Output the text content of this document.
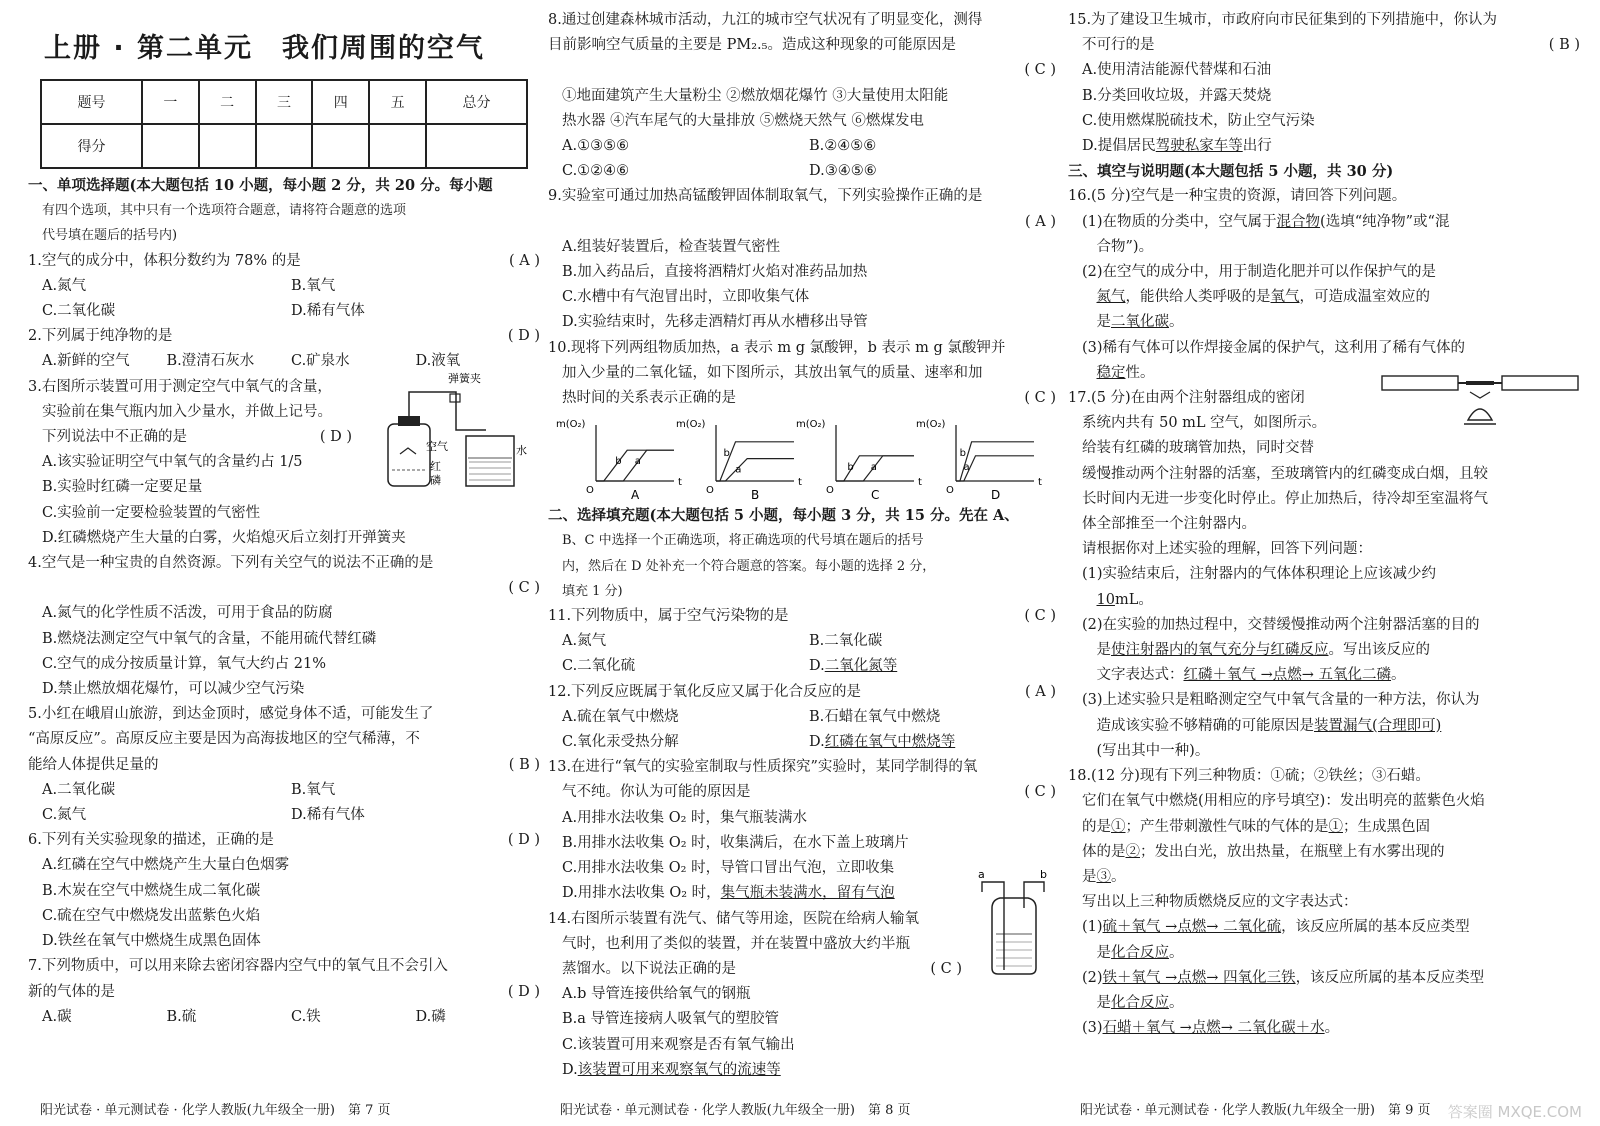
上册 · 第二单元　我们周围的空气
题号	一	二	三	四	五	总分
得分						
一、单项选择题(本大题包括 10 小题，每小题 2 分，共 20 分。每小题
有四个选项，其中只有一个选项符合题意，请将符合题意的选项
代号填在题后的括号内)
( A )
1.空气的成分中，体积分数约为 78% 的是
A.氮气	B.氧气
C.二氧化碳	D.稀有气体
( D )
2.下列属于纯净物的是
A.新鲜的空气	B.澄清石灰水	C.矿泉水	D.液氧
3.右图所示装置可用于测定空气中氧气的含量，
实验前在集气瓶内加入少量水，并做上记号。
( D )
下列说法中不正确的是
A.该实验证明空气中氧气的含量约占 1/5
B.实验时红磷一定要足量
C.实验前一定要检验装置的气密性
D.红磷燃烧产生大量的白雾，火焰熄灭后立刻打开弹簧夹
4.空气是一种宝贵的自然资源。下列有关空气的说法不正确的是
( C )

A.氮气的化学性质不活泼，可用于食品的防腐
B.燃烧法测定空气中氧气的含量，不能用硫代替红磷
C.空气的成分按质量计算，氧气大约占 21%
D.禁止燃放烟花爆竹，可以减少空气污染
5.小红在峨眉山旅游，到达金顶时，感觉身体不适，可能发生了
“高原反应”。高原反应主要是因为高海拔地区的空气稀薄，不
( B )
能给人体提供足量的
A.二氧化碳	B.氧气
C.氮气	D.稀有气体
( D )
6.下列有关实验现象的描述，正确的是
A.红磷在空气中燃烧产生大量白色烟雾
B.木炭在空气中燃烧生成二氧化碳
C.硫在空气中燃烧发出蓝紫色火焰
D.铁丝在氧气中燃烧生成黑色固体
7.下列物质中，可以用来除去密闭容器内空气中的氧气且不会引入
( D )
新的气体的是
A.碳	B.硫	C.铁	D.磷
弹簧夹
空气
红
磷
水
8.通过创建森林城市活动，九江的城市空气状况有了明显变化，测得
目前影响空气质量的主要是 PM₂.₅。造成这种现象的可能原因是
( C )

①地面建筑产生大量粉尘 ②燃放烟花爆竹 ③大量使用太阳能
热水器 ④汽车尾气的大量排放 ⑤燃烧天然气 ⑥燃煤发电
A.①③⑤⑥	B.②④⑤⑥
C.①②④⑥	D.③④⑤⑥
9.实验室可通过加热高锰酸钾固体制取氧气，下列实验操作正确的是
( A )

A.组装好装置后，检查装置气密性
B.加入药品后，直接将酒精灯火焰对准药品加热
C.水槽中有气泡冒出时，立即收集气体
D.实验结束时，先移走酒精灯再从水槽移出导管
10.现将下列两组物质加热，a 表示 m g 氯酸钾，b 表示 m g 氯酸钾并
加入少量的二氧化锰，如下图所示，其放出氧气的质量、速率和加
( C )
热时间的关系表示正确的是
a
b
m(O₂)
O
t
A
a
b
m(O₂)
O
t
B
a
b
m(O₂)
O
t
C
a
b
m(O₂)
O
t
D
二、选择填充题(本大题包括 5 小题，每小题 3 分，共 15 分。先在 A、
B、C 中选择一个正确选项，将正确选项的代号填在题后的括号
内，然后在 D 处补充一个符合题意的答案。每小题的选择 2 分，
填充 1 分)
( C )
11.下列物质中，属于空气污染物的是
A.氮气	B.二氧化碳
C.二氧化硫	D.二氧化氮等
( A )
12.下列反应既属于氧化反应又属于化合反应的是
A.硫在氧气中燃烧	B.石蜡在氧气中燃烧
C.氧化汞受热分解	D.红磷在氧气中燃烧等
13.在进行“氧气的实验室制取与性质探究”实验时，某同学制得的氧
( C )
气不纯。你认为可能的原因是
A.用排水法收集 O₂ 时，集气瓶装满水
B.用排水法收集 O₂ 时，收集满后，在水下盖上玻璃片
C.用排水法收集 O₂ 时，导管口冒出气泡，立即收集
D.用排水法收集 O₂ 时，集气瓶未装满水，留有气泡
14.右图所示装置有洗气、储气等用途，医院在给病人输氧
气时，也利用了类似的装置，并在装置中盛放大约半瓶
( C )
蒸馏水。以下说法正确的是
A.b 导管连接供给氧气的钢瓶
B.a 导管连接病人吸氧气的塑胶管
C.该装置可用来观察是否有氧气输出
D.该装置可用来观察氧气的流速等
a	b
15.为了建设卫生城市，市政府向市民征集到的下列措施中，你认为
( B )
不可行的是
A.使用清洁能源代替煤和石油
B.分类回收垃圾，并露天焚烧
C.使用燃煤脱硫技术，防止空气污染
D.提倡居民驾驶私家车等出行
三、填空与说明题(本大题包括 5 小题，共 30 分)
16.(5 分)空气是一种宝贵的资源，请回答下列问题。
(1)在物质的分类中，空气属于混合物(选填“纯净物”或“混
　合物”)。
(2)在空气的成分中，用于制造化肥并可以作保护气的是
　氮气，能供给人类呼吸的是氧气，可造成温室效应的
　是二氧化碳。
(3)稀有气体可以作焊接金属的保护气，这利用了稀有气体的
　稳定性。
17.(5 分)在由两个注射器组成的密闭
系统内共有 50 mL 空气，如图所示。
给装有红磷的玻璃管加热，同时交替
缓慢推动两个注射器的活塞，至玻璃管内的红磷变成白烟，且较
长时间内无进一步变化时停止。停止加热后，待冷却至室温将气
体全部推至一个注射器内。
请根据你对上述实验的理解，回答下列问题：
(1)实验结束后，注射器内的气体体积理论上应该减少约
　10mL。
(2)在实验的加热过程中，交替缓慢推动两个注射器活塞的目的
　是使注射器内的氧气充分与红磷反应。写出该反应的
　文字表达式：红磷＋氧气 →点燃→ 五氧化二磷。
(3)上述实验只是粗略测定空气中氧气含量的一种方法，你认为
　造成该实验不够精确的可能原因是装置漏气(合理即可)
　(写出其中一种)。
18.(12 分)现有下列三种物质：①硫；②铁丝；③石蜡。
它们在氧气中燃烧(用相应的序号填空)：发出明亮的蓝紫色火焰
的是①；产生带刺激性气味的气体的是①；生成黑色固
体的是②；发出白光，放出热量，在瓶壁上有水雾出现的
是③。
写出以上三种物质燃烧反应的文字表达式：
(1)硫＋氧气 →点燃→ 二氧化硫，该反应所属的基本反应类型
　是化合反应。
(2)铁＋氧气 →点燃→ 四氧化三铁，该反应所属的基本反应类型
　是化合反应。
(3)石蜡＋氧气 →点燃→ 二氧化碳＋水。
阳光试卷 · 单元测试卷 · 化学人教版(九年级全一册)　第 7 页	阳光试卷 · 单元测试卷 · 化学人教版(九年级全一册)　第 8 页	阳光试卷 · 单元测试卷 · 化学人教版(九年级全一册)　第 9 页 答案圈 MXQE.COM
